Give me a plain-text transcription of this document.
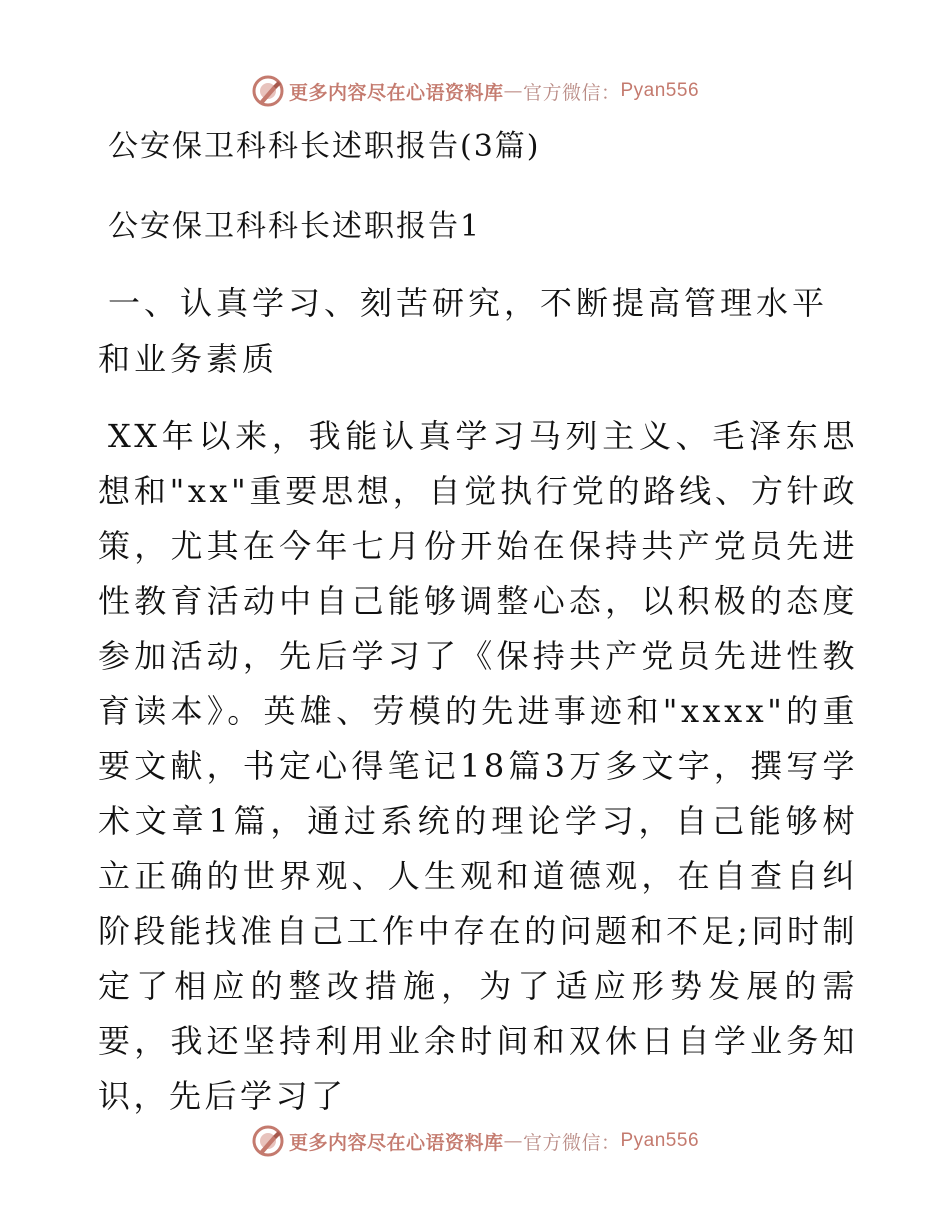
更多内容尽在心语资料库 — 官方微信： Pyan556
公安保卫科科长述职报告(3篇)
公安保卫科科长述职报告1
一、认真学习、刻苦研究，不断提高管理水平和业务素质

XX年以来，我能认真学习马列主义、毛泽东思想和"xx"重要思想，自觉执行党的路线、方针政策，尤其在今年七月份开始在保持共产党员先进性教育活动中自己能够调整心态，以积极的态度参加活动，先后学习了《保持共产党员先进性教育读本》。英雄、劳模的先进事迹和"xxxx"的重要文献，书定心得笔记18篇3万多文字，撰写学术文章1篇，通过系统的理论学习，自己能够树立正确的世界观、人生观和道德观，在自查自纠阶段能找准自己工作中存在的问题和不足;同时制定了相应的整改措施，为了适应形势发展的需要，我还坚持利用业余时间和双休日自学业务知识，先后学习了

更多内容尽在心语资料库 — 官方微信： Pyan556
